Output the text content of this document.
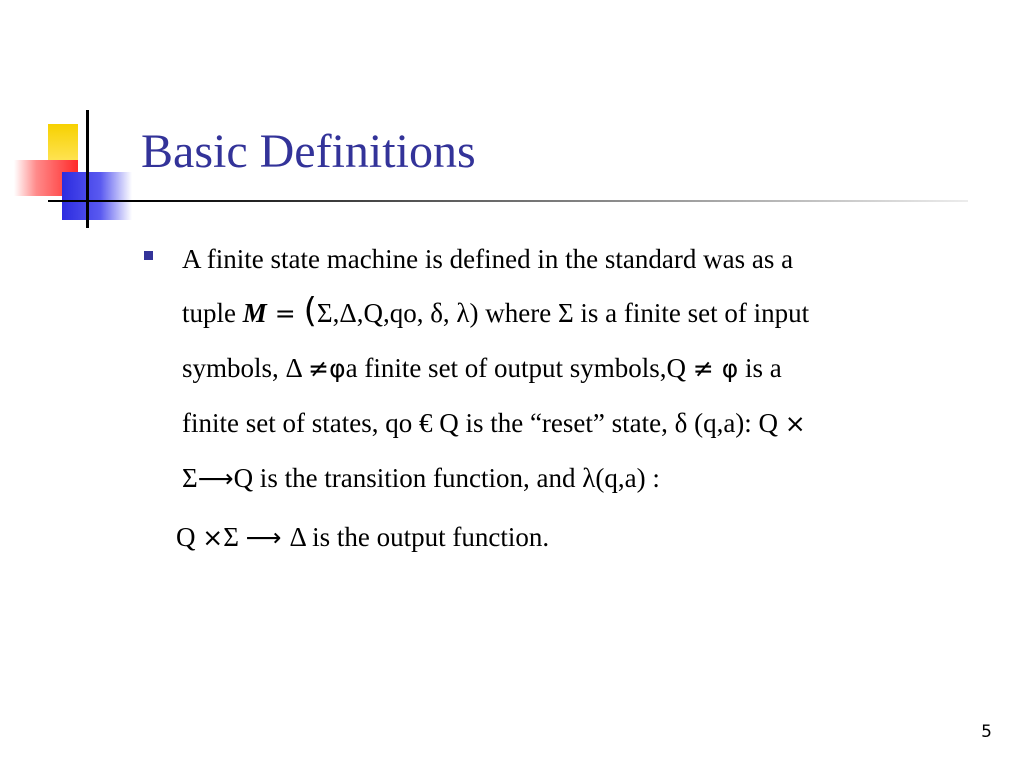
Basic Definitions
A finite state machine is defined in the standard was as a
tuple M = (Σ,Δ,Q,qo, δ, λ) where Σ is a finite set of input
symbols, Δ ≠φa finite set of output symbols,Q ≠ φ is a
finite set of states, qo € Q is the “reset” state, δ (q,a): Q ⨯
Σ⟶Q is the transition function, and λ(q,a) :
Q ⨯Σ ⟶ Δ is the output function.
5
